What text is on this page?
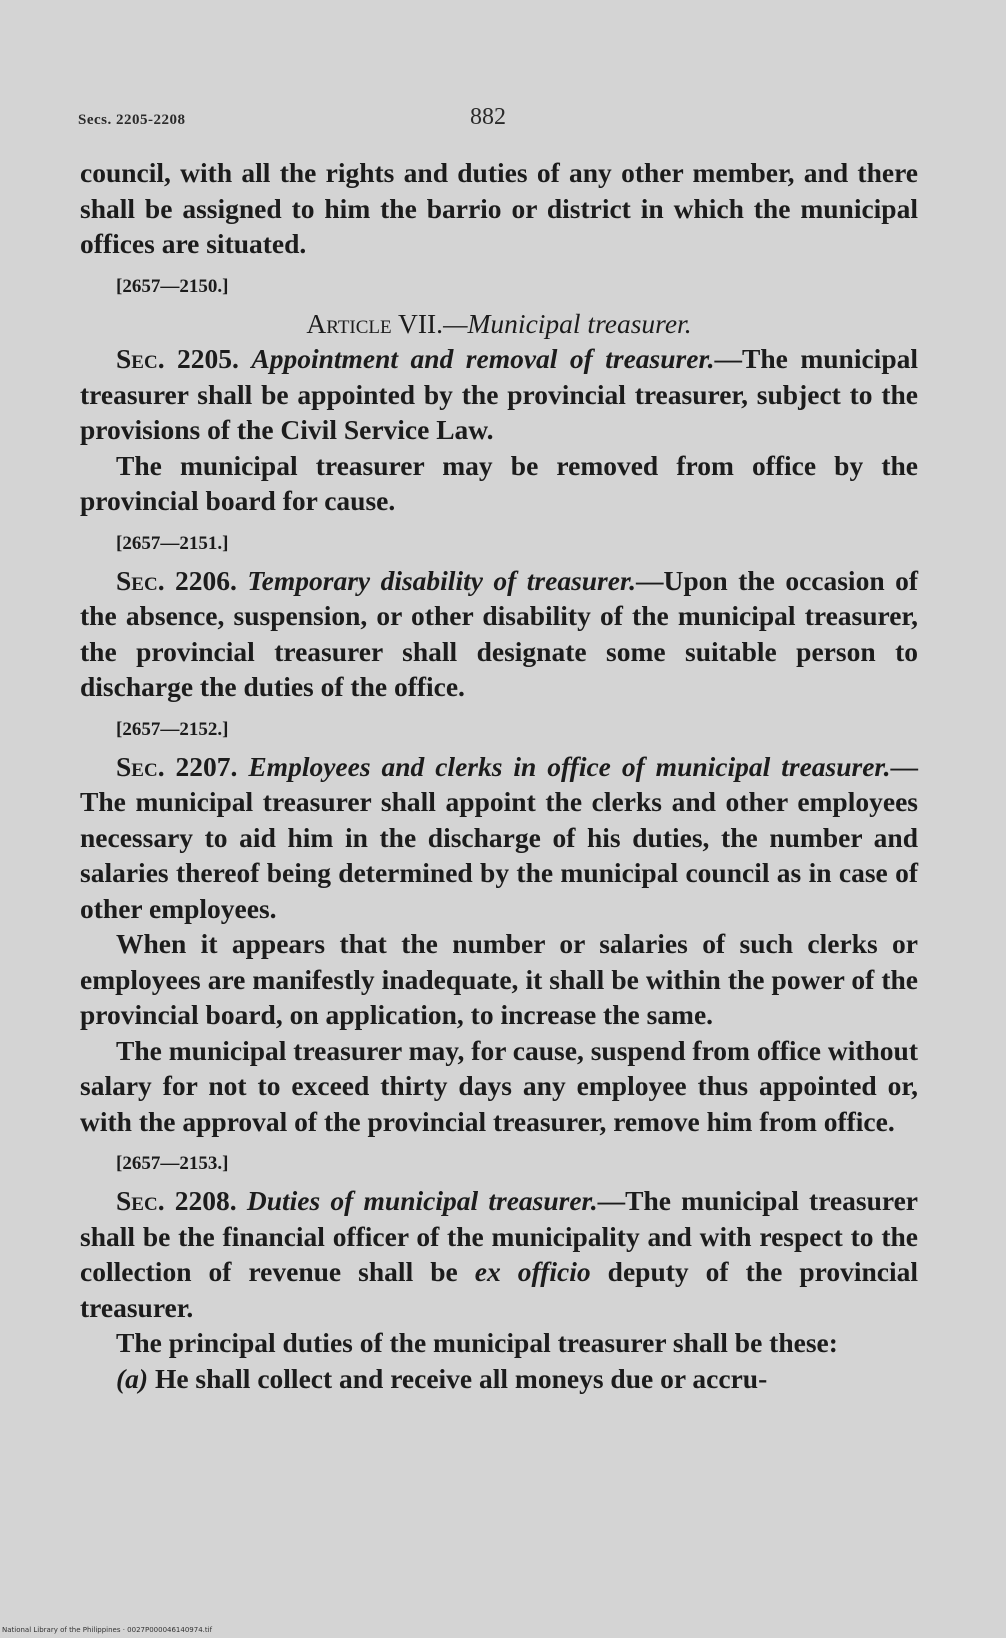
Secs. 2205-2208	882

council, with all the rights and duties of any other member, and there shall be assigned to him the barrio or district in which the municipal offices are situated.

[2657—2150.]

Article VII.—Municipal treasurer.

Sec. 2205. Appointment and removal of treasurer.—The municipal treasurer shall be appointed by the provincial treasurer, subject to the provisions of the Civil Service Law.

The municipal treasurer may be removed from office by the provincial board for cause.

[2657—2151.]

Sec. 2206. Temporary disability of treasurer.—Upon the occasion of the absence, suspension, or other disability of the municipal treasurer, the provincial treasurer shall designate some suitable person to discharge the duties of the office.

[2657—2152.]

Sec. 2207. Employees and clerks in office of municipal treasurer.—The municipal treasurer shall appoint the clerks and other employees necessary to aid him in the discharge of his duties, the number and salaries thereof being determined by the municipal council as in case of other employees.

When it appears that the number or salaries of such clerks or employees are manifestly inadequate, it shall be within the power of the provincial board, on application, to increase the same.

The municipal treasurer may, for cause, suspend from office without salary for not to exceed thirty days any employee thus appointed or, with the approval of the provincial treasurer, remove him from office.

[2657—2153.]

Sec. 2208. Duties of municipal treasurer.—The municipal treasurer shall be the financial officer of the municipality and with respect to the collection of revenue shall be ex officio deputy of the provincial treasurer.

The principal duties of the municipal treasurer shall be these:

(a) He shall collect and receive all moneys due or accru-

National Library of the Philippines · 0027P000046140974.tif
